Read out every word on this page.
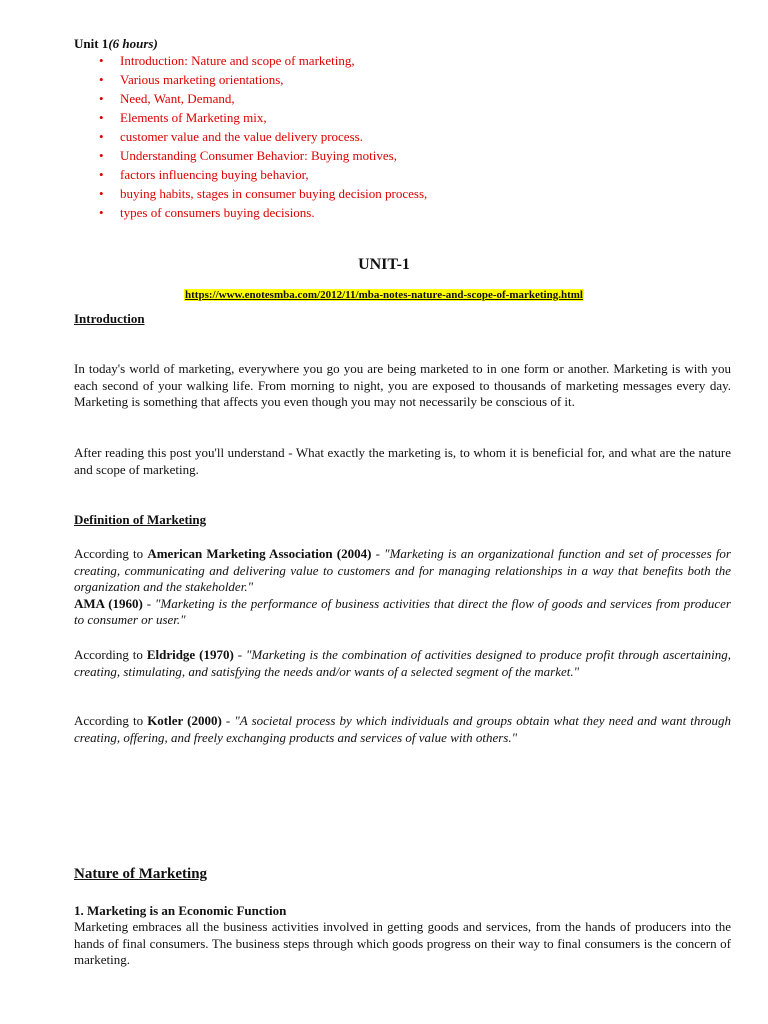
Unit 1(6 hours)
• Introduction: Nature and scope of marketing,
• Various marketing orientations,
• Need, Want, Demand,
• Elements of Marketing mix,
• customer value and the value delivery process.
• Understanding Consumer Behavior: Buying motives,
• factors influencing buying behavior,
• buying habits, stages in consumer buying decision process,
• types of consumers buying decisions.
UNIT-1
https://www.enotesmba.com/2012/11/mba-notes-nature-and-scope-of-marketing.html
Introduction

In today's world of marketing, everywhere you go you are being marketed to in one form or another. Marketing is with you each second of your walking life. From morning to night, you are exposed to thousands of marketing messages every day. Marketing is something that affects you even though you may not necessarily be conscious of it.

After reading this post you'll understand - What exactly the marketing is, to whom it is beneficial for, and what are the nature and scope of marketing.

Definition of Marketing

According to American Marketing Association (2004) - "Marketing is an organizational function and set of processes for creating, communicating and delivering value to customers and for managing relationships in a way that benefits both the organization and the stakeholder."
AMA (1960) - "Marketing is the performance of business activities that direct the flow of goods and services from producer to consumer or user."

According to Eldridge (1970) - "Marketing is the combination of activities designed to produce profit through ascertaining, creating, stimulating, and satisfying the needs and/or wants of a selected segment of the market."

According to Kotler (2000) - "A societal process by which individuals and groups obtain what they need and want through creating, offering, and freely exchanging products and services of value with others."

Nature of Marketing
1. Marketing is an Economic Function

Marketing embraces all the business activities involved in getting goods and services, from the hands of producers into the hands of final consumers. The business steps through which goods progress on their way to final consumers is the concern of marketing.
